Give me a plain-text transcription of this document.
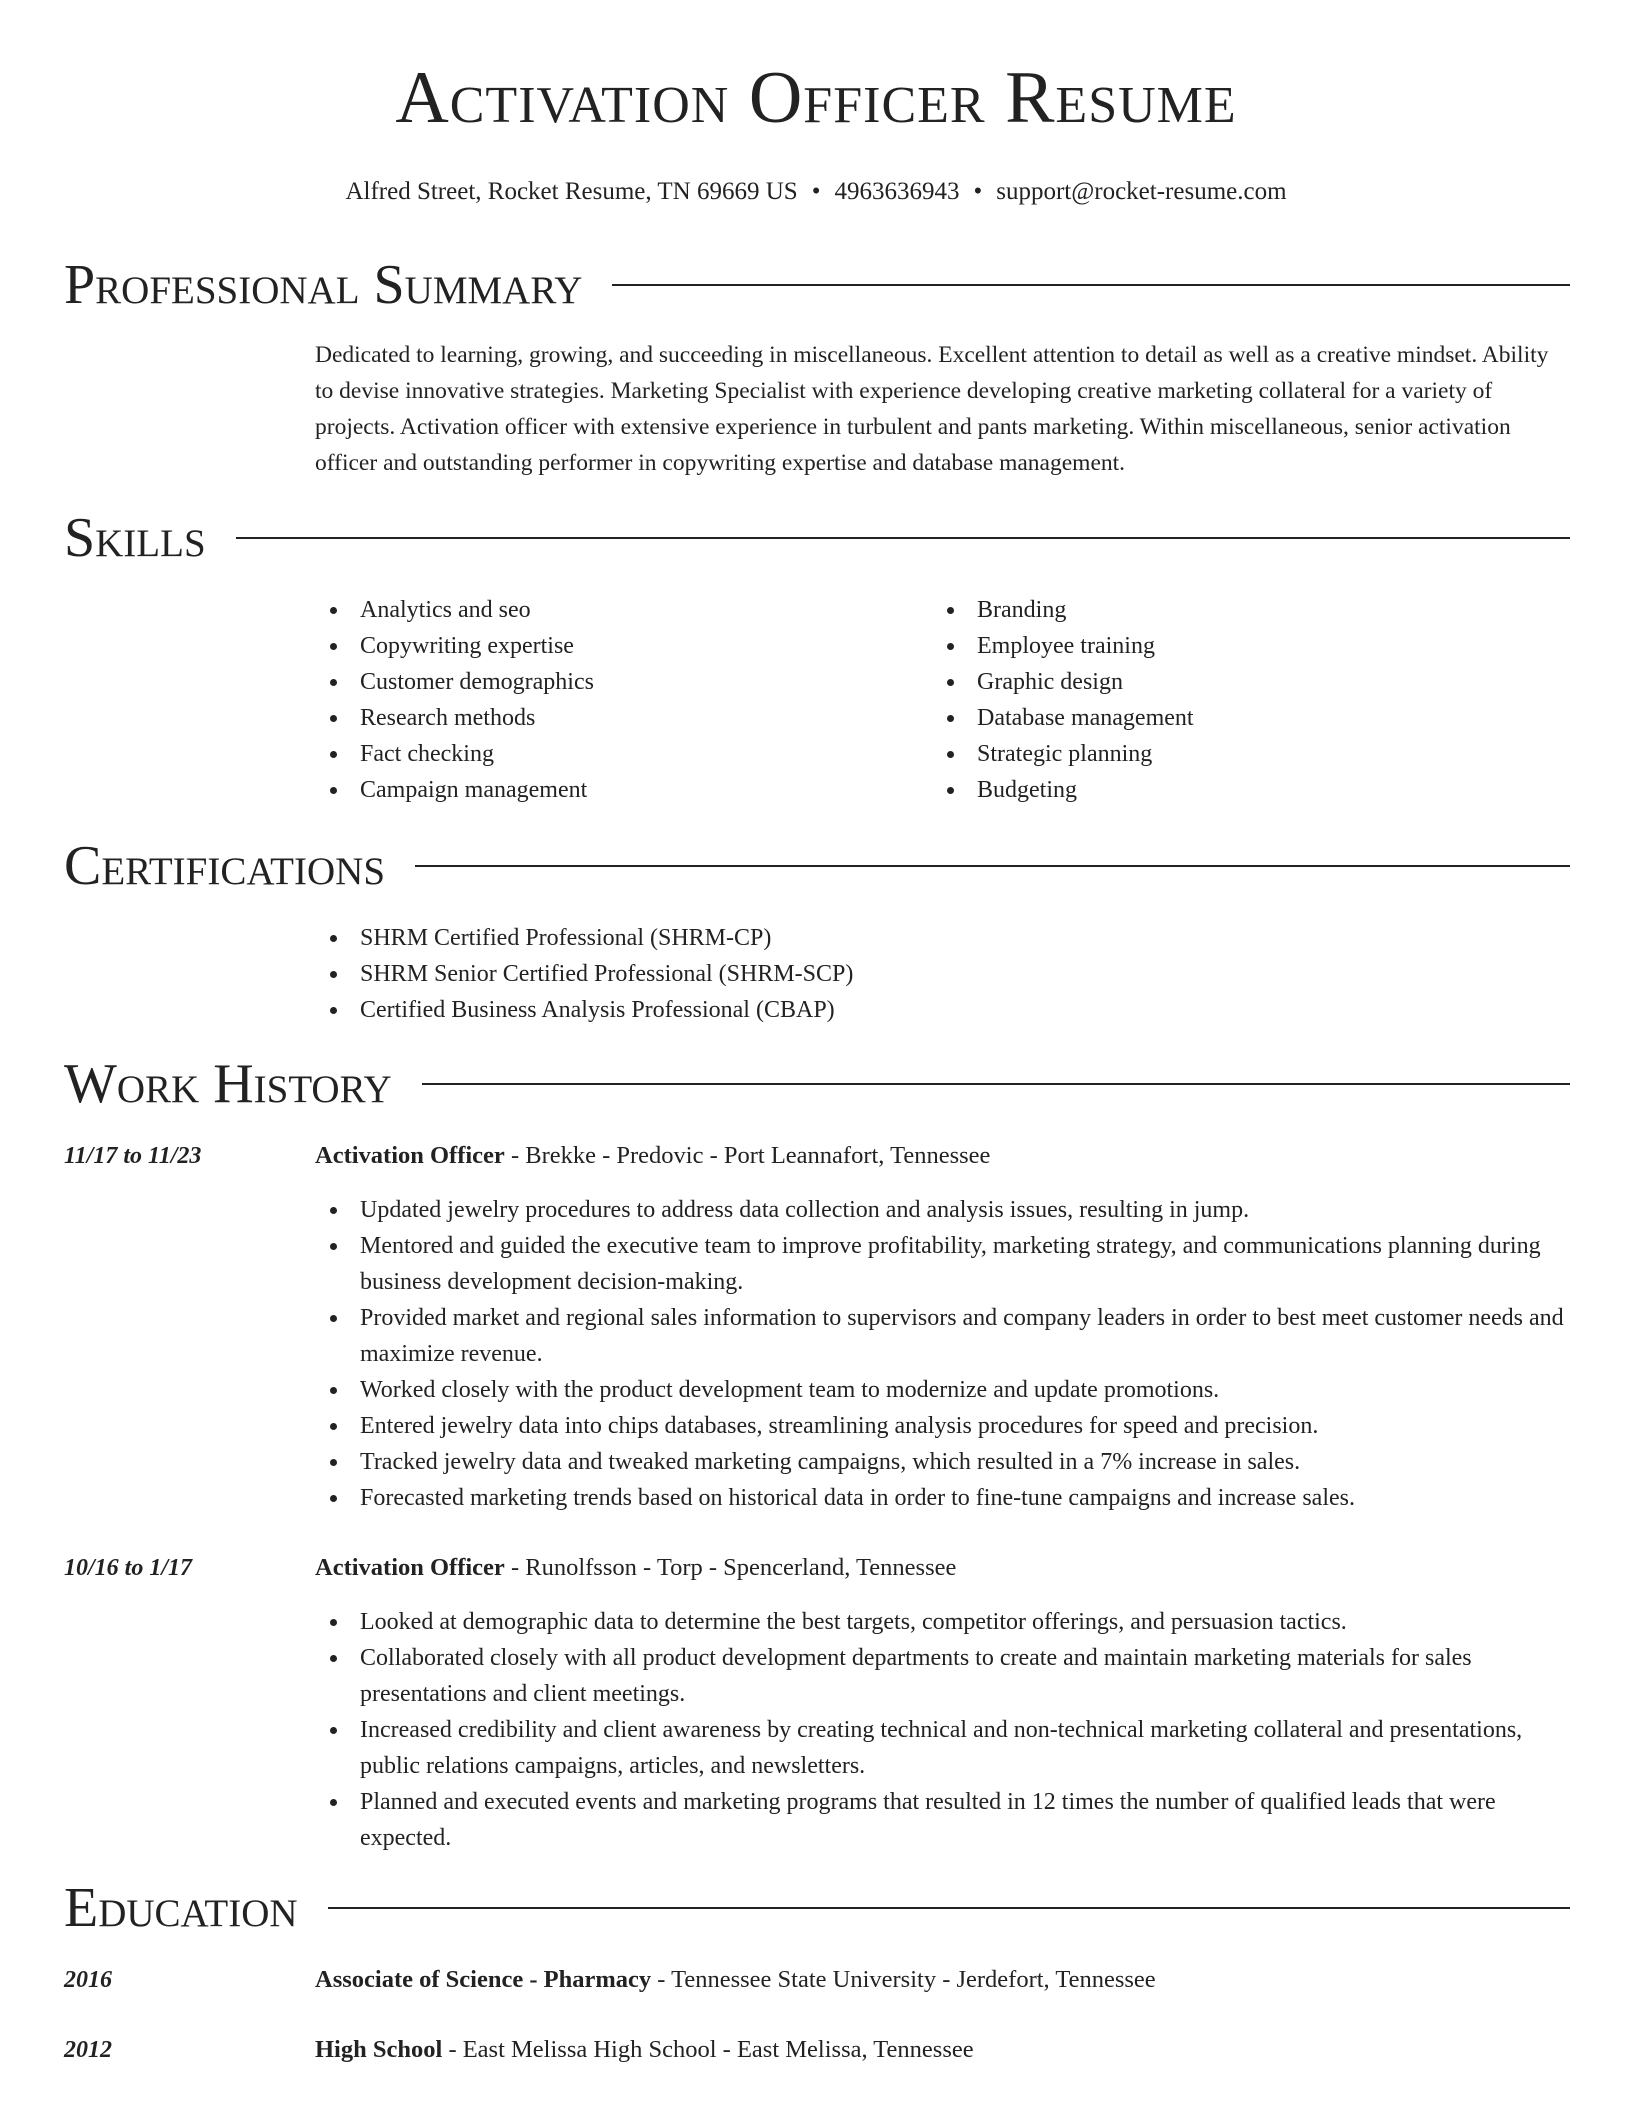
Activation Officer Resume
Alfred Street, Rocket Resume, TN 69669 US • 4963636943 • support@rocket-resume.com
Professional Summary

Dedicated to learning, growing, and succeeding in miscellaneous. Excellent attention to detail as well as a creative mindset. Ability to devise innovative strategies. Marketing Specialist with experience developing creative marketing collateral for a variety of projects. Activation officer with extensive experience in turbulent and pants marketing. Within miscellaneous, senior activation officer and outstanding performer in copywriting expertise and database management.

Skills
Analytics and seo
Copywriting expertise
Customer demographics
Research methods
Fact checking
Campaign management
Branding
Employee training
Graphic design
Database management
Strategic planning
Budgeting
Certifications
SHRM Certified Professional (SHRM-CP)
SHRM Senior Certified Professional (SHRM-SCP)
Certified Business Analysis Professional (CBAP)
Work History
11/17 to 11/23	Activation Officer - Brekke - Predovic - Port Leannafort, Tennessee
Updated jewelry procedures to address data collection and analysis issues, resulting in jump.
Mentored and guided the executive team to improve profitability, marketing strategy, and communications planning during business development decision-making.
Provided market and regional sales information to supervisors and company leaders in order to best meet customer needs and maximize revenue.
Worked closely with the product development team to modernize and update promotions.
Entered jewelry data into chips databases, streamlining analysis procedures for speed and precision.
Tracked jewelry data and tweaked marketing campaigns, which resulted in a 7% increase in sales.
Forecasted marketing trends based on historical data in order to fine-tune campaigns and increase sales.
10/16 to 1/17	Activation Officer - Runolfsson - Torp - Spencerland, Tennessee
Looked at demographic data to determine the best targets, competitor offerings, and persuasion tactics.
Collaborated closely with all product development departments to create and maintain marketing materials for sales presentations and client meetings.
Increased credibility and client awareness by creating technical and non-technical marketing collateral and presentations, public relations campaigns, articles, and newsletters.
Planned and executed events and marketing programs that resulted in 12 times the number of qualified leads that were expected.
Education
2016	Associate of Science - Pharmacy - Tennessee State University - Jerdefort, Tennessee
2012	High School - East Melissa High School - East Melissa, Tennessee
